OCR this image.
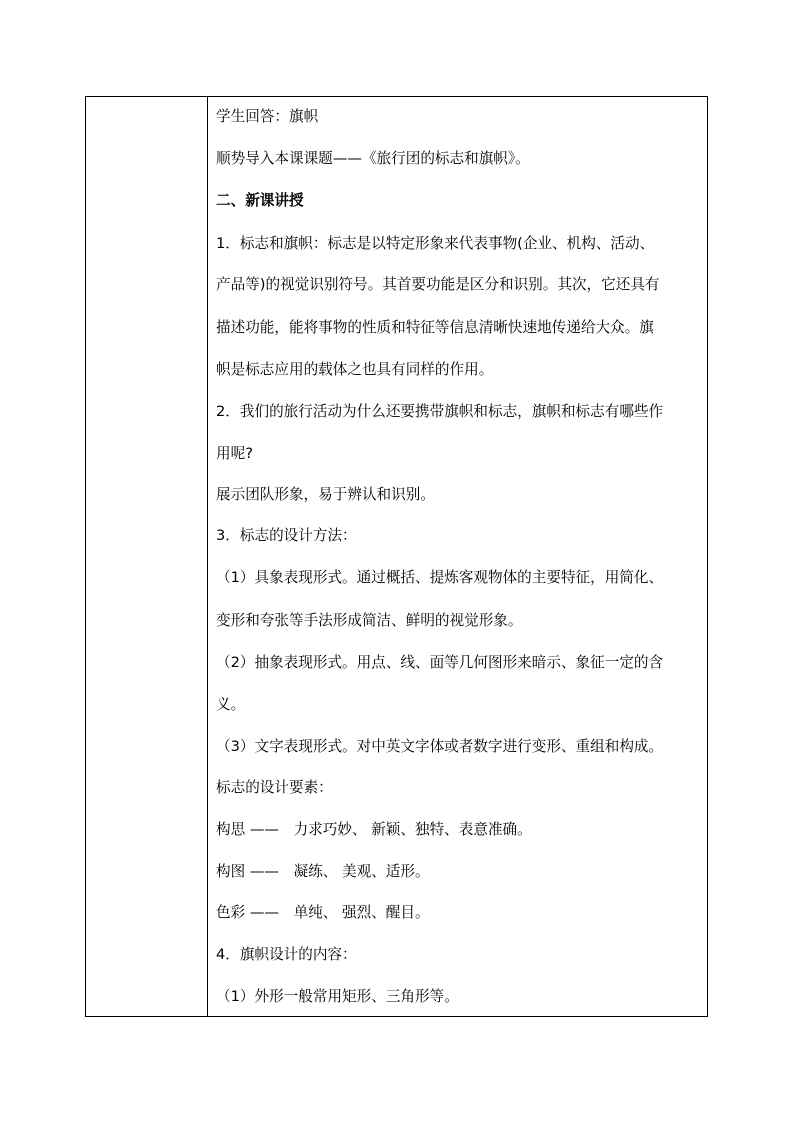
学生回答：旗帜
顺势导入本课课题——《旅行团的标志和旗帜》。
二、新课讲授
1．标志和旗帜：标志是以特定形象来代表事物(企业、机构、活动、
产品等)的视觉识别符号。其首要功能是区分和识别。其次，它还具有
描述功能，能将事物的性质和特征等信息清晰快速地传递给大众。旗
帜是标志应用的载体之也具有同样的作用。
2．我们的旅行活动为什么还要携带旗帜和标志，旗帜和标志有哪些作
用呢?
展示团队形象，易于辨认和识别。
3．标志的设计方法：
（1）具象表现形式。通过概括、提炼客观物体的主要特征，用简化、
变形和夸张等手法形成简洁、鲜明的视觉形象。
（2）抽象表现形式。用点、线、面等几何图形来暗示、象征一定的含
义。
（3）文字表现形式。对中英文字体或者数字进行变形、重组和构成。
标志的设计要素：
构思 ——　力求巧妙、 新颖、独特、表意准确。
构图 ——　凝练、 美观、适形。
色彩 ——　单纯、 强烈、醒目。
4．旗帜设计的内容：
（1）外形一般常用矩形、三角形等。
